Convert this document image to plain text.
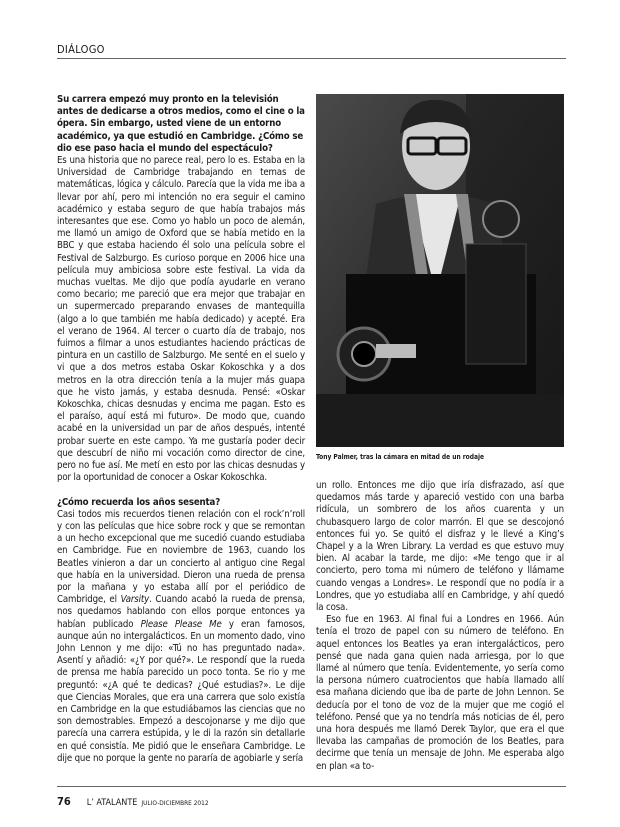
DIÁLOGO

Su carrera empezó muy pronto en la televisión antes de dedicarse a otros medios, como el cine o la ópera. Sin embargo, usted viene de un entorno académico, ya que estudió en Cambridge. ¿Cómo se dio ese paso hacia el mundo del espectáculo?

Es una historia que no parece real, pero lo es. Estaba en la Universidad de Cambridge trabajando en temas de matemáticas, lógica y cálculo. Parecía que la vida me iba a llevar por ahí, pero mi intención no era seguir el camino académico y estaba seguro de que había trabajos más interesantes que ese. Como yo hablo un poco de alemán, me llamó un amigo de Oxford que se había metido en la BBC y que estaba haciendo él solo una película sobre el Festival de Salzburgo. Es curioso porque en 2006 hice una película muy ambiciosa sobre este festival. La vida da muchas vueltas. Me dijo que podía ayudarle en verano como becario; me pareció que era mejor que trabajar en un supermercado preparando envases de mantequilla (algo a lo que también me había dedicado) y acepté. Era el verano de 1964. Al tercer o cuarto día de trabajo, nos fuimos a filmar a unos estudiantes haciendo prácticas de pintura en un castillo de Salzburgo. Me senté en el suelo y vi que a dos metros estaba Oskar Kokoschka y a dos metros en la otra dirección tenía a la mujer más guapa que he visto jamás, y estaba desnuda. Pensé: «Oskar Kokoschka, chicas desnudas y encima me pagan. Esto es el paraíso, aquí está mi futuro». De modo que, cuando acabé en la universidad un par de años después, intenté probar suerte en este campo. Ya me gustaría poder decir que descubrí de niño mi vocación como director de cine, pero no fue así. Me metí en esto por las chicas desnudas y por la oportunidad de conocer a Oskar Kokoschka.

¿Cómo recuerda los años sesenta?

Casi todos mis recuerdos tienen relación con el rock’n’roll y con las películas que hice sobre rock y que se remontan a un hecho excepcional que me sucedió cuando estudiaba en Cambridge. Fue en noviembre de 1963, cuando los Beatles vinieron a dar un concierto al antiguo cine Regal que había en la universidad. Dieron una rueda de prensa por la mañana y yo estaba allí por el periódico de Cambridge, el Varsity. Cuando acabó la rueda de prensa, nos quedamos hablando con ellos porque entonces ya habían publicado Please Please Me y eran famosos, aunque aún no intergalácticos. En un momento dado, vino John Lennon y me dijo: «Tú no has preguntado nada». Asentí y añadió: «¿Y por qué?». Le respondí que la rueda de prensa me había parecido un poco tonta. Se rio y me preguntó: «¿A qué te dedicas? ¿Qué estudias?». Le dije que Ciencias Morales, que era una carrera que solo existía en Cambridge en la que estudiábamos las ciencias que no son demostrables. Empezó a descojonarse y me dijo que parecía una carrera estúpida, y le di la razón sin detallarle en qué consistía. Me pidió que le enseñara Cambridge. Le dije que no porque la gente no pararía de agobiarle y sería

Tony Palmer, tras la cámara en mitad de un rodaje

un rollo. Entonces me dijo que iría disfrazado, así que quedamos más tarde y apareció vestido con una barba ridícula, un sombrero de los años cuarenta y un chubasquero largo de color marrón. El que se descojonó entonces fui yo. Se quitó el disfraz y le llevé a King’s Chapel y a la Wren Library. La verdad es que estuvo muy bien. Al acabar la tarde, me dijo: «Me tengo que ir al concierto, pero toma mi número de teléfono y llámame cuando vengas a Londres». Le respondí que no podía ir a Londres, que yo estudiaba allí en Cambridge, y ahí quedó la cosa.

Eso fue en 1963. Al final fui a Londres en 1966. Aún tenía el trozo de papel con su número de teléfono. En aquel entonces los Beatles ya eran intergalácticos, pero pensé que nada gana quien nada arriesga, por lo que llamé al número que tenía. Evidentemente, yo sería como la persona número cuatrocientos que había llamado allí esa mañana diciendo que iba de parte de John Lennon. Se deducía por el tono de voz de la mujer que me cogió el teléfono. Pensé que ya no tendría más noticias de él, pero una hora después me llamó Derek Taylor, que era el que llevaba las campañas de promoción de los Beatles, para decirme que tenía un mensaje de John. Me esperaba algo en plan «a to-

76 L’ ATALANTE JULIO-DICIEMBRE 2012
